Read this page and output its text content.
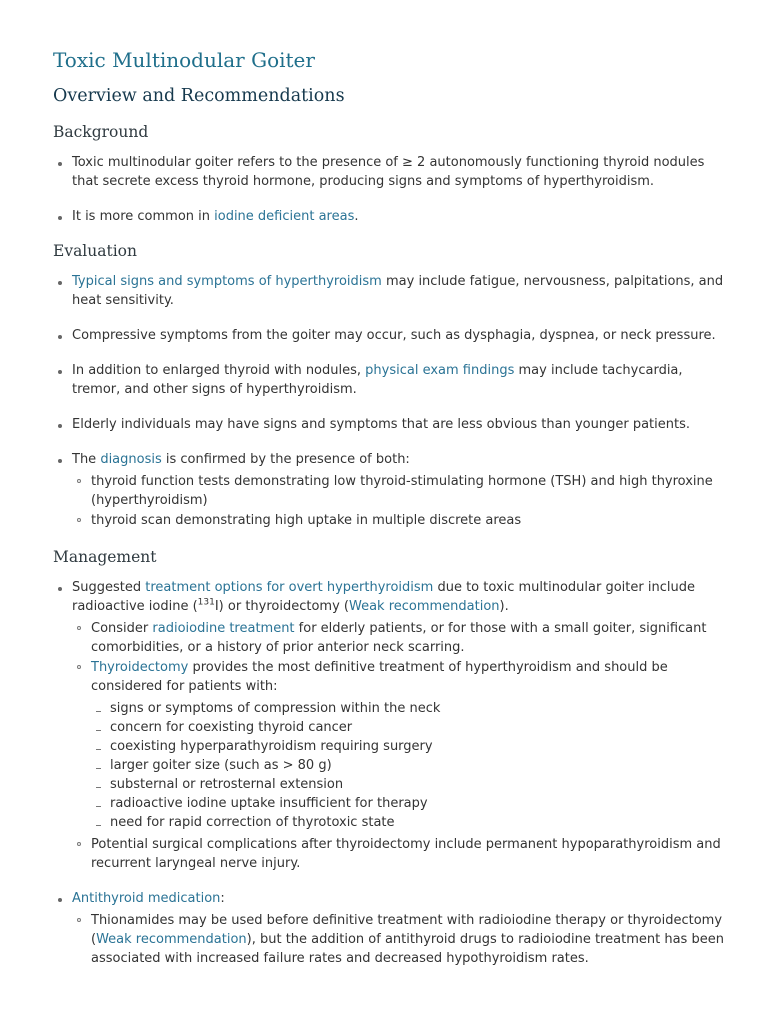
Toxic Multinodular Goiter
Overview and Recommendations
Background
Toxic multinodular goiter refers to the presence of ≥ 2 autonomously functioning thyroid nodules that secrete excess thyroid hormone, producing signs and symptoms of hyperthyroidism.
It is more common in iodine deficient areas.
Evaluation
Typical signs and symptoms of hyperthyroidism may include fatigue, nervousness, palpitations, and heat sensitivity.
Compressive symptoms from the goiter may occur, such as dysphagia, dyspnea, or neck pressure.
In addition to enlarged thyroid with nodules, physical exam findings may include tachycardia, tremor, and other signs of hyperthyroidism.
Elderly individuals may have signs and symptoms that are less obvious than younger patients.
The diagnosis is confirmed by the presence of both:
thyroid function tests demonstrating low thyroid-stimulating hormone (TSH) and high thyroxine (hyperthyroidism)
thyroid scan demonstrating high uptake in multiple discrete areas
Management
Suggested treatment options for overt hyperthyroidism due to toxic multinodular goiter include radioactive iodine ($^{131}$I) or thyroidectomy (Weak recommendation).
Consider radioiodine treatment for elderly patients, or for those with a small goiter, significant comorbidities, or a history of prior anterior neck scarring.
Thyroidectomy provides the most definitive treatment of hyperthyroidism and should be considered for patients with:
signs or symptoms of compression within the neck
concern for coexisting thyroid cancer
coexisting hyperparathyroidism requiring surgery
larger goiter size (such as > 80 g)
substernal or retrosternal extension
radioactive iodine uptake insufficient for therapy
need for rapid correction of thyrotoxic state
Potential surgical complications after thyroidectomy include permanent hypoparathyroidism and recurrent laryngeal nerve injury.
Antithyroid medication:
Thionamides may be used before definitive treatment with radioiodine therapy or thyroidectomy (Weak recommendation), but the addition of antithyroid drugs to radioiodine treatment has been associated with increased failure rates and decreased hypothyroidism rates.
